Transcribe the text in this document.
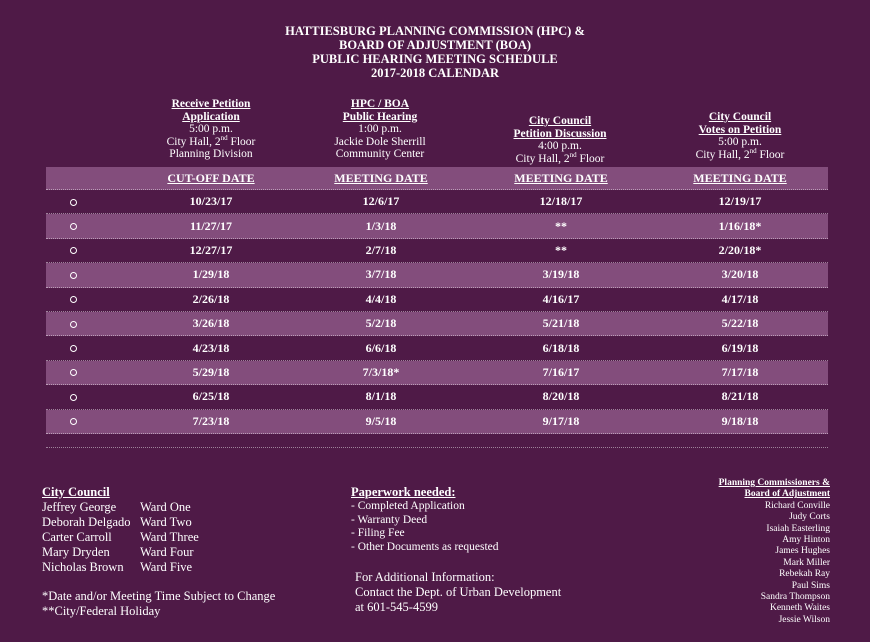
HATTIESBURG PLANNING COMMISSION (HPC) &
BOARD OF ADJUSTMENT (BOA)
PUBLIC HEARING MEETING SCHEDULE
2017-2018 CALENDAR
Receive Petition
Application
5:00 p.m.
City Hall, 2nd Floor
Planning Division
HPC / BOA
Public Hearing
1:00 p.m.
Jackie Dole Sherrill
Community Center
City Council
Petition Discussion
4:00 p.m.
City Hall, 2nd Floor
City Council
Votes on Petition
5:00 p.m.
City Hall, 2nd Floor
CUT-OFF DATE	MEETING DATE	MEETING DATE	MEETING DATE
10/23/17	12/6/17	12/18/17	12/19/17
11/27/17	1/3/18	**	1/16/18*
12/27/17	2/7/18	**	2/20/18*
1/29/18	3/7/18	3/19/18	3/20/18
2/26/18	4/4/18	4/16/17	4/17/18
3/26/18	5/2/18	5/21/18	5/22/18
4/23/18	6/6/18	6/18/18	6/19/18
5/29/18	7/3/18*	7/16/17	7/17/18
6/25/18	8/1/18	8/20/18	8/21/18
7/23/18	9/5/18	9/17/18	9/18/18
City Council
Jeffrey George	Ward One
Deborah Delgado Ward Two
Carter Carroll	Ward Three
Mary Dryden	Ward Four
Nicholas Brown	Ward Five
*Date and/or Meeting Time Subject to Change
**City/Federal Holiday
Paperwork needed:
- Completed Application
- Warranty Deed
- Filing Fee
- Other Documents as requested
For Additional Information:
Contact the Dept. of Urban Development
at 601-545-4599
Planning Commissioners &
Board of Adjustment
Richard Conville
Judy Corts
Isaiah Easterling
Amy Hinton
James Hughes
Mark Miller
Rebekah Ray
Paul Sims
Sandra Thompson
Kenneth Waites
Jessie Wilson
